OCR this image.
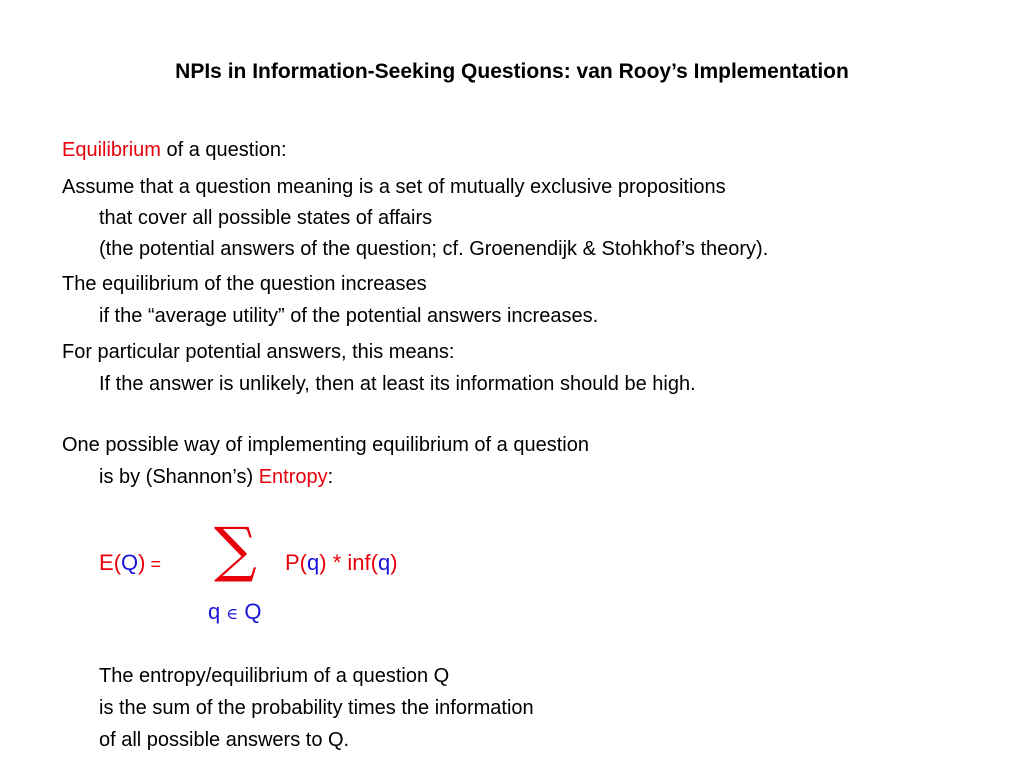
NPIs in Information-Seeking Questions: van Rooy’s Implementation
Equilibrium of a question:
Assume that a question meaning is a set of mutually exclusive propositions
that cover all possible states of affairs
(the potential answers of the question; cf. Groenendijk & Stohkhof’s theory).
The equilibrium of the question increases
if the “average utility” of the potential answers increases.
For particular potential answers, this means:
If the answer is unlikely, then at least its information should be high.
One possible way of implementing equilibrium of a question
is by (Shannon’s) Entropy:
E(Q) = ∑ P(q) * inf(q)
q ∈ Q
The entropy/equilibrium of a question Q
is the sum of the probability times the information
of all possible answers to Q.
